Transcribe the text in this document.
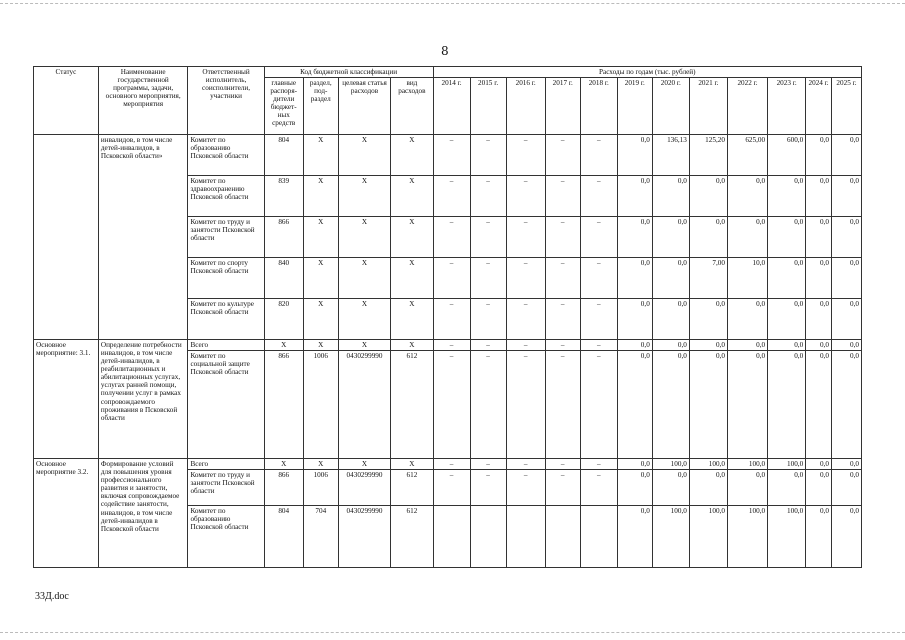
8
Статус	Наименование государственной программы, задачи, основного мероприятия, мероприятия	Ответственный исполнитель, соисполнители, участники	Код бюджетной классификации				Расходы по годам (тыс. рублей)											
			главные распоря-дители бюджет-ных средств	раздел, под-раздел	целевая статья расходов	вид расходов	2014 г.	2015 г.	2016 г.	2017 г.	2018 г.	2019 г.	2020 г.	2021 г.	2022 г.	2023 г.	2024 г.	2025 г.
	инвалидов, в том числе детей-инвалидов, в Псковской области»	Комитет по образованию Псковской области	804	X	X	X	–	–	–	–	–	0,0	136,13	125,20	625,00	600,0	0,0	0,0
		Комитет по здравоохранению Псковской области	839	X	X	X	–	–	–	–	–	0,0	0,0	0,0	0,0	0,0	0,0	0,0
		Комитет по труду и занятости Псковской области	866	X	X	X	–	–	–	–	–	0,0	0,0	0,0	0,0	0,0	0,0	0,0
		Комитет по спорту Псковской области	840	X	X	X	–	–	–	–	–	0,0	0,0	7,00	10,0	0,0	0,0	0,0
		Комитет по культуре Псковской области	820	X	X	X	–	–	–	–	–	0,0	0,0	0,0	0,0	0,0	0,0	0,0
Основное мероприятие: 3.1.	Определение потребности инвалидов, в том числе детей-инвалидов, в реабилитационных и абилитационных услугах, услугах ранней помощи, получении услуг в рамках сопровождаемого проживания в Псковской области	Всего	X	X	X	X	–	–	–	–	–	0,0	0,0	0,0	0,0	0,0	0,0	0,0
		Комитет по социальной защите Псковской области	866	1006	0430299990	612	–	–	–	–	–	0,0	0,0	0,0	0,0	0,0	0,0	0,0
Основное мероприятие 3.2.	Формирование условий для повышения уровня профессионального развития и занятости, включая сопровождаемое содействие занятости, инвалидов, в том числе детей-инвалидов в Псковской области	Всего	X	X	X	X	–	–	–	–	–	0,0	100,0	100,0	100,0	100,0	0,0	0,0
		Комитет по труду и занятости Псковской области	866	1006	0430299990	612	–	–	–	–	–	0,0	0,0	0,0	0,0	0,0	0,0	0,0
		Комитет по образованию Псковской области	804	704	0430299990	612						0,0	100,0	100,0	100,0	100,0	0,0	0,0
33Д.doc
